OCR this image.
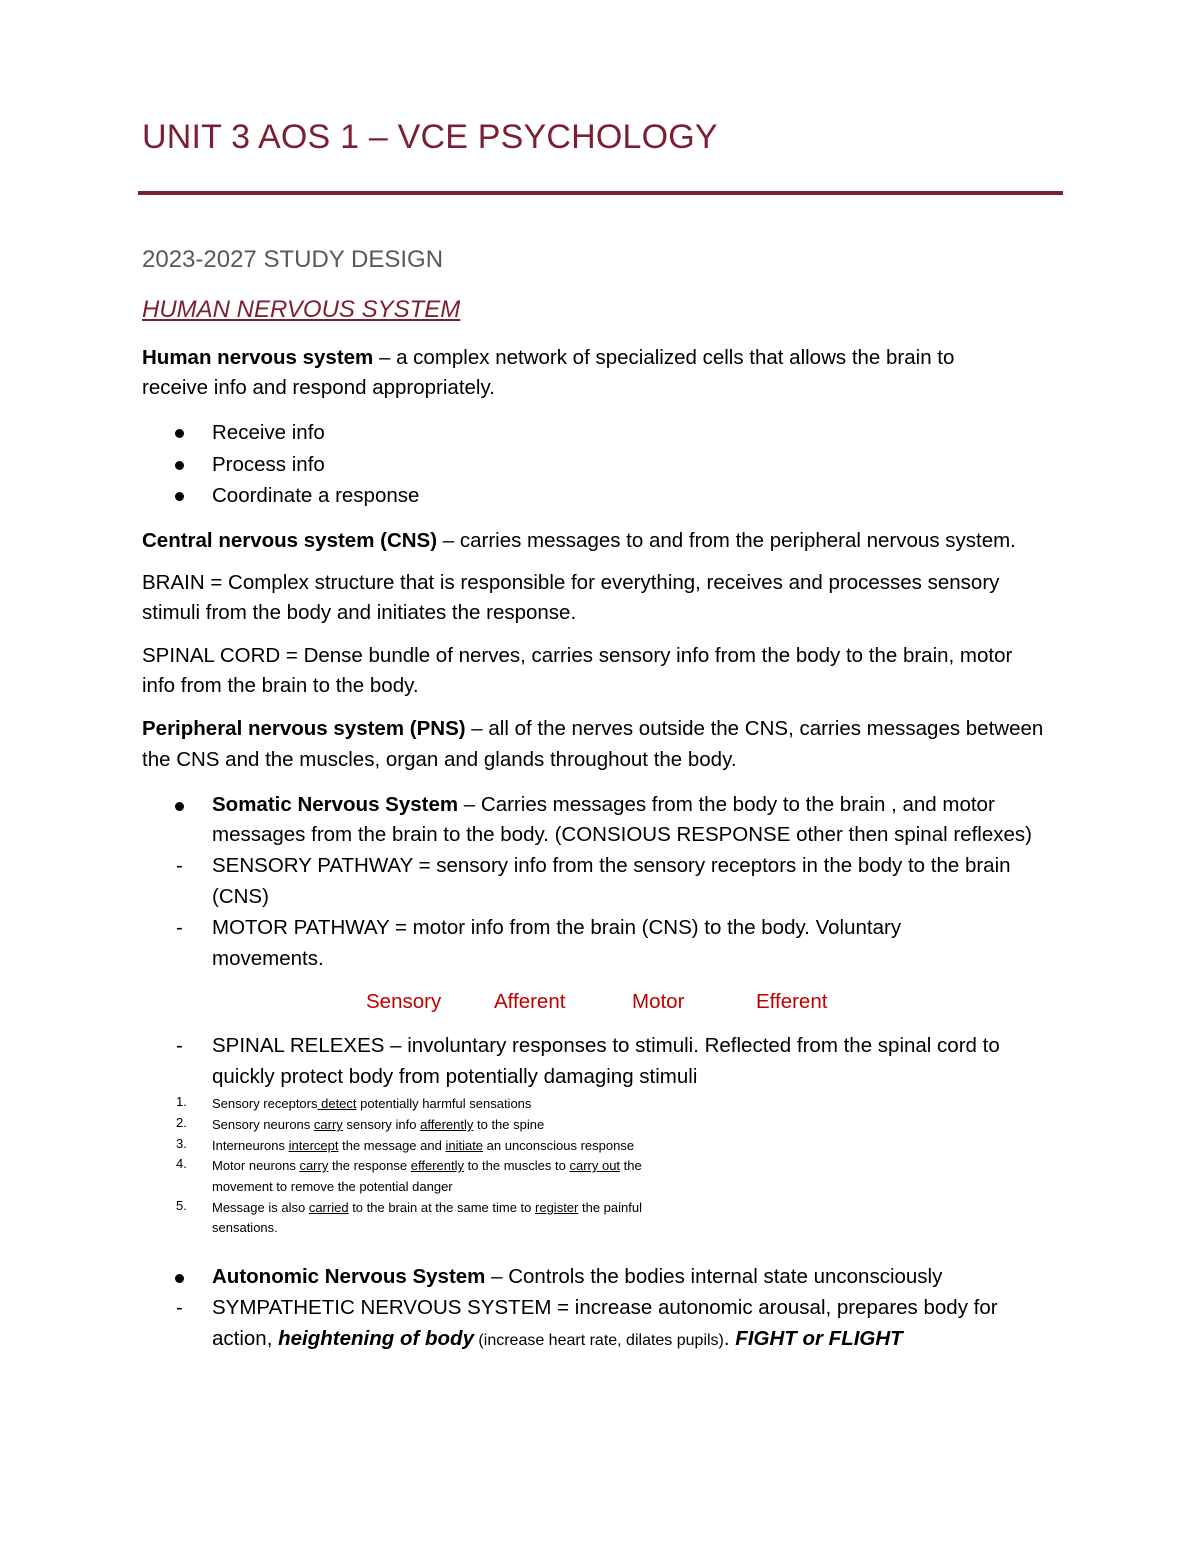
UNIT 3 AOS 1 – VCE PSYCHOLOGY
2023-2027 STUDY DESIGN
HUMAN NERVOUS SYSTEM
Human nervous system – a complex network of specialized cells that allows the brain to
receive info and respond appropriately.
Receive info
Process info
Coordinate a response
Central nervous system (CNS) – carries messages to and from the peripheral nervous system.
BRAIN = Complex structure that is responsible for everything, receives and processes sensory
stimuli from the body and initiates the response.
SPINAL CORD = Dense bundle of nerves, carries sensory info from the body to the brain, motor
info from the brain to the body.
Peripheral nervous system (PNS) – all of the nerves outside the CNS, carries messages between
the CNS and the muscles, organ and glands throughout the body.
Somatic Nervous System – Carries messages from the body to the brain , and motor
messages from the brain to the body. (CONSIOUS RESPONSE other then spinal reflexes)
- SENSORY PATHWAY = sensory info from the sensory receptors in the body to the brain
(CNS)
- MOTOR PATHWAY = motor info from the brain (CNS) to the body. Voluntary
movements.
Sensory	Afferent	Motor	Efferent
- SPINAL RELEXES – involuntary responses to stimuli. Reflected from the spinal cord to
quickly protect body from potentially damaging stimuli
1. Sensory receptors detect potentially harmful sensations
2. Sensory neurons carry sensory info afferently to the spine
3. Interneurons intercept the message and initiate an unconscious response
4. Motor neurons carry the response efferently to the muscles to carry out the
movement to remove the potential danger
5. Message is also carried to the brain at the same time to register the painful
sensations.
Autonomic Nervous System – Controls the bodies internal state unconsciously
- SYMPATHETIC NERVOUS SYSTEM = increase autonomic arousal, prepares body for
action, heightening of body (increase heart rate, dilates pupils). FIGHT or FLIGHT
